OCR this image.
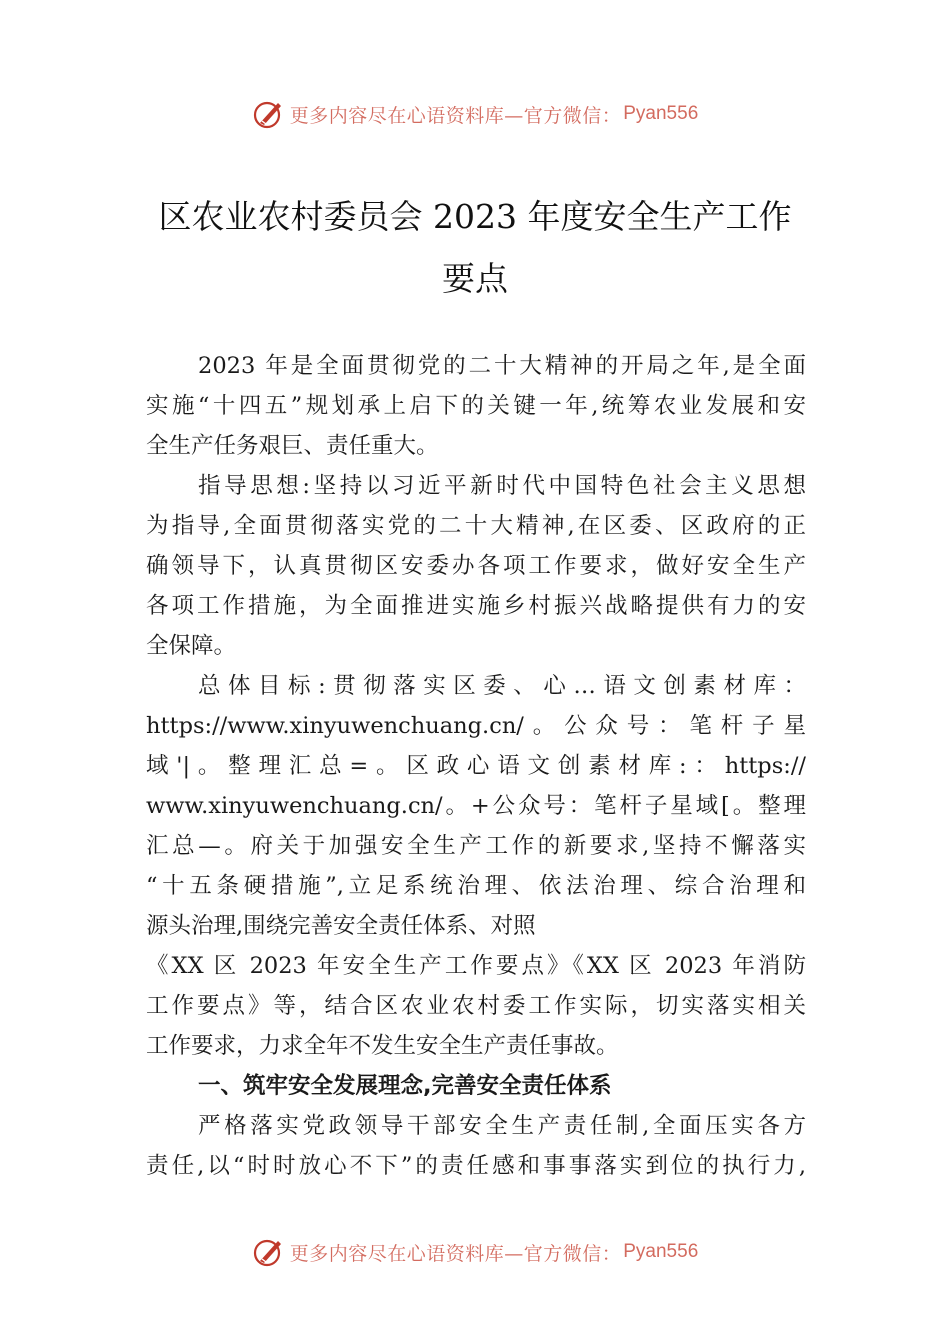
更多内容尽在心语资料库—官方微信： Pyan556
区农业农村委员会 2023 年度安全生产工作
要点
2023 年是全面贯彻党的二十大精神的开局之年,是全面
实施“十四五”规划承上启下的关键一年,统筹农业发展和安
全生产任务艰巨、责任重大。
指导思想:坚持以习近平新时代中国特色社会主义思想
为指导,全面贯彻落实党的二十大精神,在区委、区政府的正
确领导下，认真贯彻区安委办各项工作要求，做好安全生产
各项工作措施，为全面推进实施乡村振兴战略提供有力的安
全保障。
总体目标:贯彻落实区委、心…语文创素材库：
https://www.xinyuwenchuang.cn/。公众号：笔杆子星
域'|。整理汇总=。区政心语文创素材库:：https://
www.xinyuwenchuang.cn/。+公众号：笔杆子星域[。整理
汇总—。府关于加强安全生产工作的新要求,坚持不懈落实
“十五条硬措施”,立足系统治理、依法治理、综合治理和
源头治理,围绕完善安全责任体系、对照
《XX 区 2023 年安全生产工作要点》《XX 区 2023 年消防
工作要点》等，结合区农业农村委工作实际，切实落实相关
工作要求，力求全年不发生安全生产责任事故。
一、筑牢安全发展理念,完善安全责任体系
严格落实党政领导干部安全生产责任制,全面压实各方
责任,以“时时放心不下”的责任感和事事落实到位的执行力,
更多内容尽在心语资料库—官方微信： Pyan556
